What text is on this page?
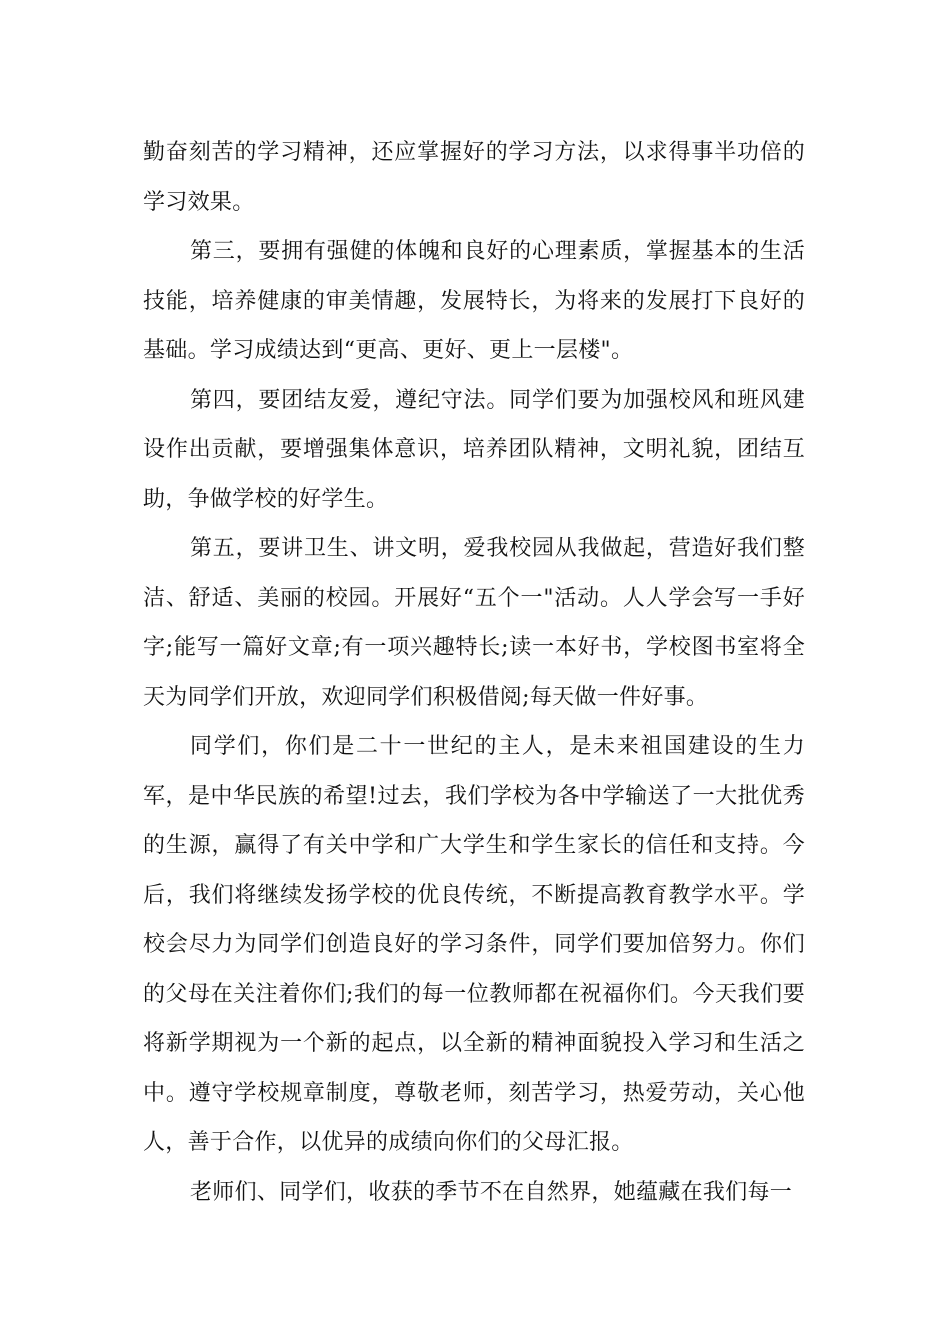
勤奋刻苦的学习精神，还应掌握好的学习方法，以求得事半功倍的学习效果。

第三，要拥有强健的体魄和良好的心理素质，掌握基本的生活技能，培养健康的审美情趣，发展特长，为将来的发展打下良好的基础。学习成绩达到“更高、更好、更上一层楼"。

第四，要团结友爱，遵纪守法。同学们要为加强校风和班风建设作出贡献，要增强集体意识，培养团队精神，文明礼貌，团结互助，争做学校的好学生。

第五，要讲卫生、讲文明，爱我校园从我做起，营造好我们整洁、舒适、美丽的校园。开展好“五个一"活动。人人学会写一手好字;能写一篇好文章;有一项兴趣特长;读一本好书，学校图书室将全天为同学们开放，欢迎同学们积极借阅;每天做一件好事。

同学们，你们是二十一世纪的主人，是未来祖国建设的生力军，是中华民族的希望!过去，我们学校为各中学输送了一大批优秀的生源，赢得了有关中学和广大学生和学生家长的信任和支持。今后，我们将继续发扬学校的优良传统，不断提高教育教学水平。学校会尽力为同学们创造良好的学习条件，同学们要加倍努力。你们的父母在关注着你们;我们的每一位教师都在祝福你们。今天我们要将新学期视为一个新的起点，以全新的精神面貌投入学习和生活之中。遵守学校规章制度，尊敬老师，刻苦学习，热爱劳动，关心他人，善于合作，以优异的成绩向你们的父母汇报。

老师们、同学们，收获的季节不在自然界，她蕴藏在我们每一
